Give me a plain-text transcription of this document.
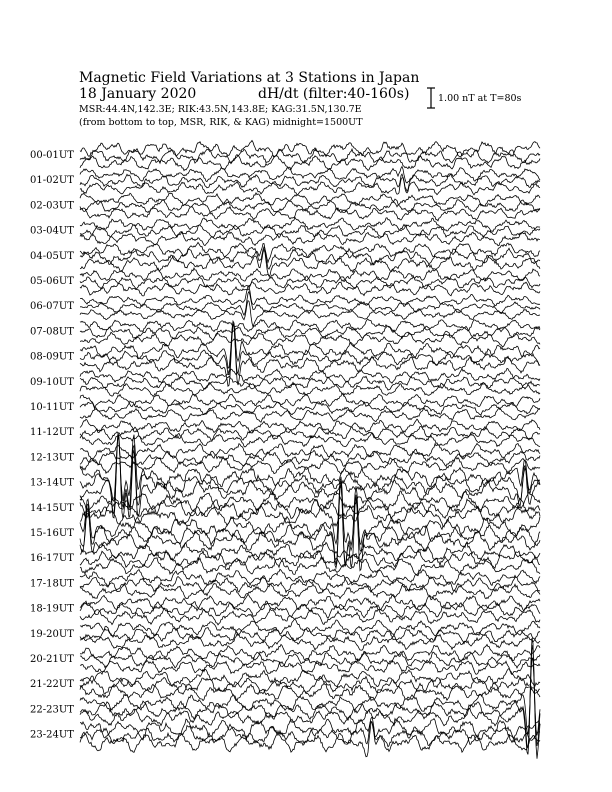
Magnetic Field Variations at 3 Stations in Japan
18 January 2020	dH/dt (filter:40-160s)
MSR:44.4N,142.3E; RIK:43.5N,143.8E; KAG:31.5N,130.7E
(from bottom to top, MSR, RIK, & KAG) midnight=1500UT
1.00 nT at T=80s
00-01UT
01-02UT
02-03UT
03-04UT
04-05UT
05-06UT
06-07UT
07-08UT
08-09UT
09-10UT
10-11UT
11-12UT
12-13UT
13-14UT
14-15UT
15-16UT
16-17UT
17-18UT
18-19UT
19-20UT
20-21UT
21-22UT
22-23UT
23-24UT
